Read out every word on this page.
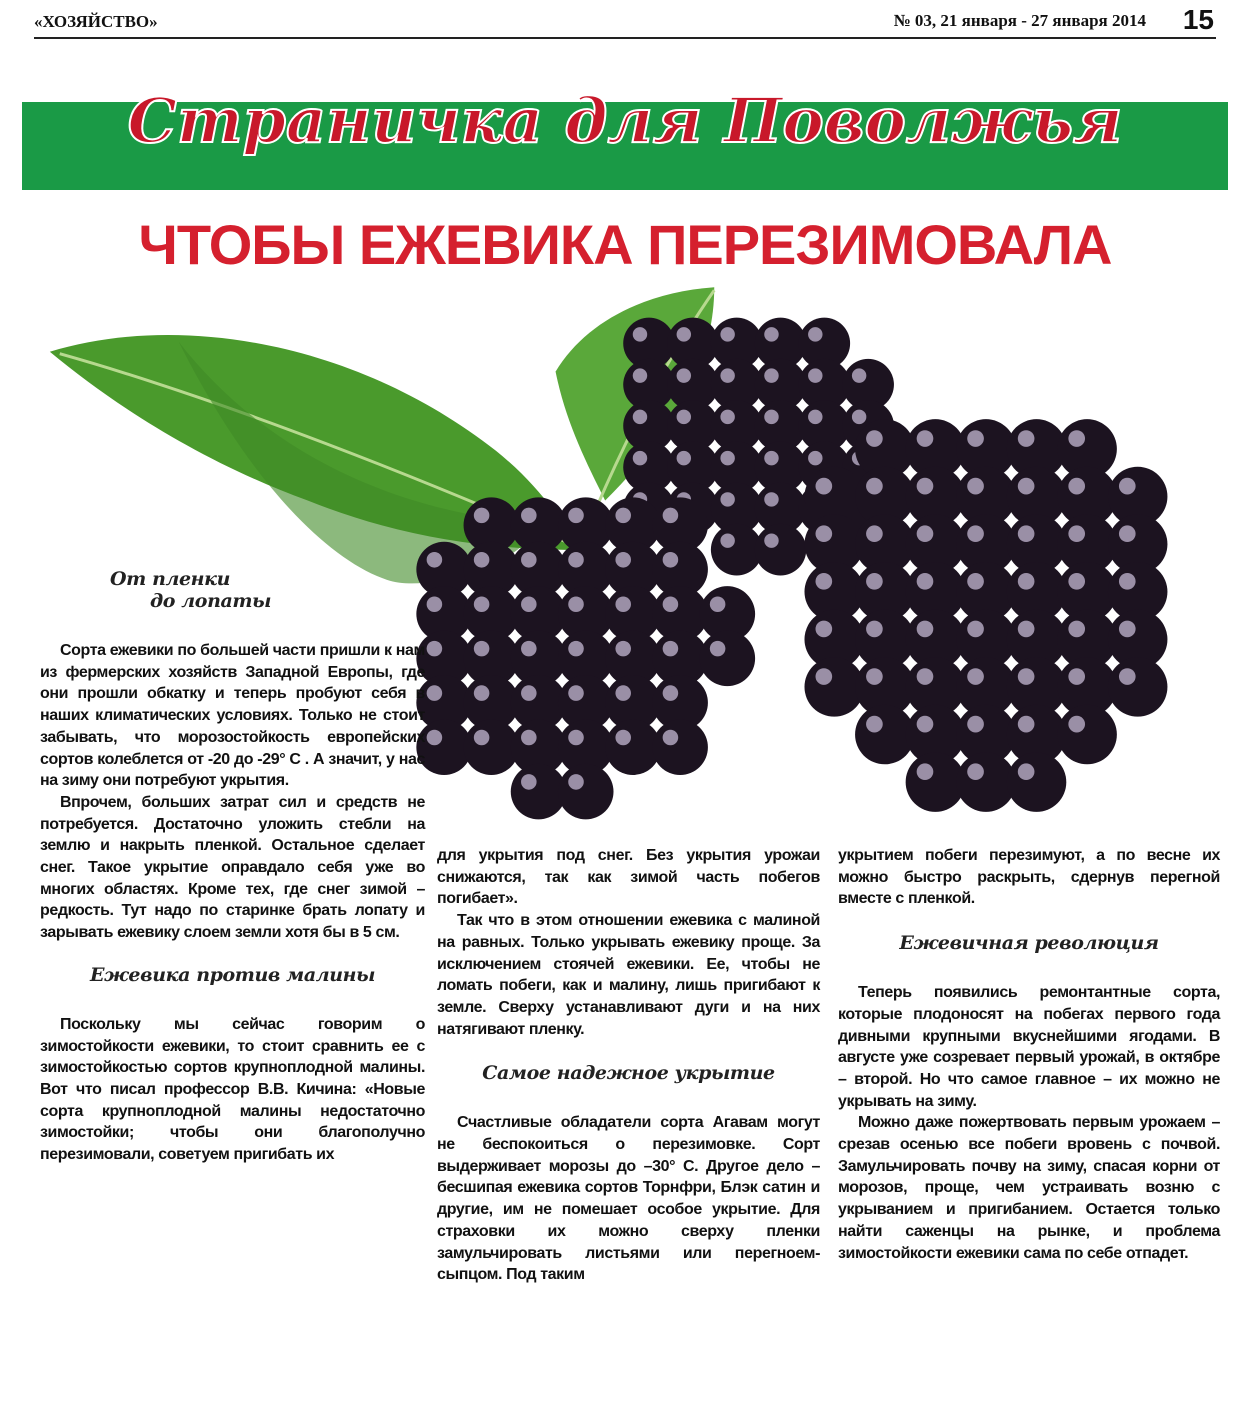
«ХОЗЯЙСТВО»	№ 03, 21 января - 27 января 2014 15
Страничка для Поволжья
ЧТОБЫ ЕЖЕВИКА ПЕРЕЗИМОВАЛА
От пленки
до лопаты

Сорта ежевики по большей части пришли к нам из фермерских хозяйств Западной Европы, где они прошли обкатку и теперь пробуют себя в наших климатических условиях. Только не стоит забывать, что морозостойкость европейских сортов колеблется от -20 до -29° С . А значит, у нас на зиму они потребуют укрытия.

Впрочем, больших затрат сил и средств не потребуется. Достаточно уложить стебли на землю и накрыть пленкой. Остальное сделает снег. Такое укрытие оправдало себя уже во многих областях. Кроме тех, где снег зимой – редкость. Тут надо по старинке брать лопату и зарывать ежевику слоем земли хотя бы в 5 см.

Ежевика против малины

Поскольку мы сейчас говорим о зимостойкости ежевики, то стоит сравнить ее с зимостойкостью сортов крупноплодной малины. Вот что писал профессор В.В. Кичина: «Новые сорта крупноплодной малины недостаточно зимостойки; чтобы они благополучно перезимовали, советуем пригибать их

для укрытия под снег. Без укрытия урожаи снижаются, так как зимой часть побегов погибает».

Так что в этом отношении ежевика с малиной на равных. Только укрывать ежевику проще. За исключением стоячей ежевики. Ее, чтобы не ломать побеги, как и малину, лишь пригибают к земле. Сверху устанавливают дуги и на них натягивают пленку.

Самое надежное укрытие

Счастливые обладатели сорта Агавам могут не беспокоиться о перезимовке. Сорт выдерживает морозы до –30° С. Другое дело – бесшипая ежевика сортов Торнфри, Блэк сатин и другие, им не помешает особое укрытие. Для страховки их можно сверху пленки замульчировать листьями или перегноем-сыпцом. Под таким

укрытием побеги перезимуют, а по весне их можно быстро раскрыть, сдернув перегной вместе с пленкой.

Ежевичная революция

Теперь появились ремонтантные сорта, которые плодоносят на побегах первого года дивными крупными вкуснейшими ягодами. В августе уже созревает первый урожай, в октябре – второй. Но что самое главное – их можно не укрывать на зиму.

Можно даже пожертвовать первым урожаем – срезав осенью все побеги вровень с почвой. Замульчировать почву на зиму, спасая корни от морозов, проще, чем устраивать возню с укрыванием и пригибанием. Остается только найти саженцы на рынке, и проблема зимостойкости ежевики сама по себе отпадет.
